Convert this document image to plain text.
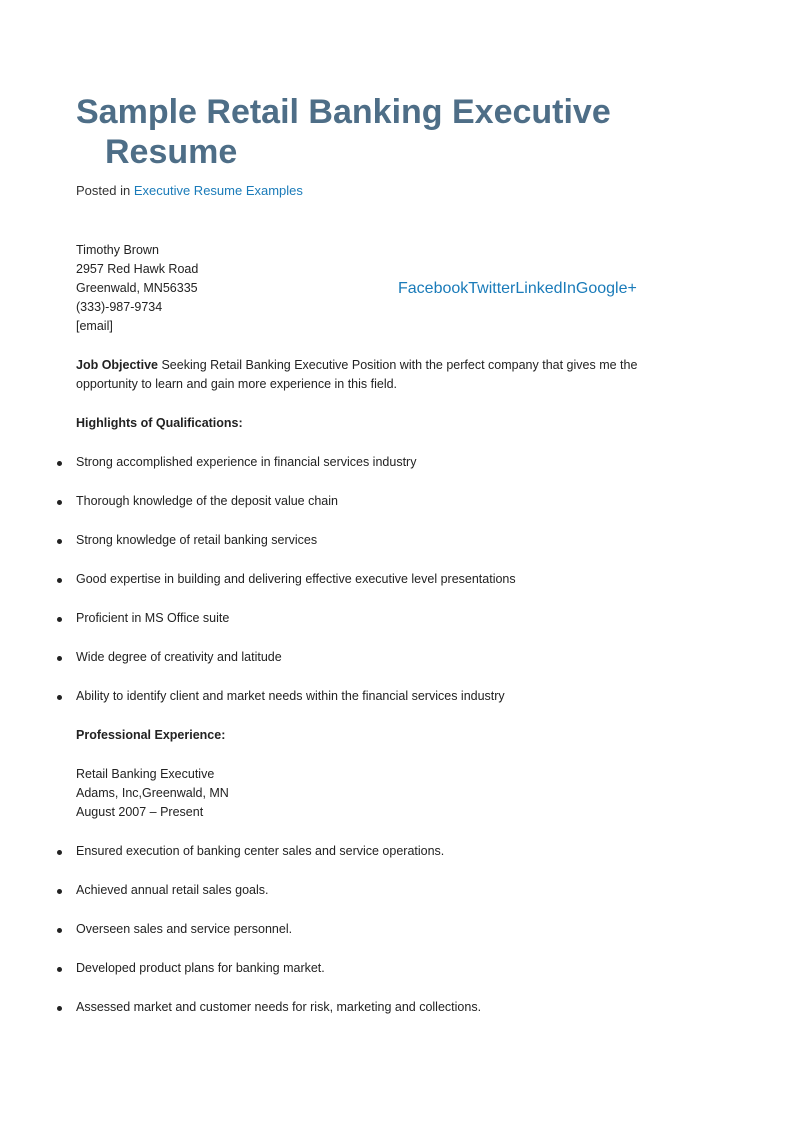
Sample Retail Banking Executive
Resume
Posted in Executive Resume Examples
Timothy Brown
2957 Red Hawk Road
Greenwald, MN56335
(333)-987-9734
[email]
FacebookTwitterLinkedInGoogle+
Job Objective Seeking Retail Banking Executive Position with the perfect company that gives me the opportunity to learn and gain more experience in this field.
Highlights of Qualifications:
Strong accomplished experience in financial services industry
Thorough knowledge of the deposit value chain
Strong knowledge of retail banking services
Good expertise in building and delivering effective executive level presentations
Proficient in MS Office suite
Wide degree of creativity and latitude
Ability to identify client and market needs within the financial services industry
Professional Experience:
Retail Banking Executive
Adams, Inc,Greenwald, MN
August 2007 – Present
Ensured execution of banking center sales and service operations.
Achieved annual retail sales goals.
Overseen sales and service personnel.
Developed product plans for banking market.
Assessed market and customer needs for risk, marketing and collections.
